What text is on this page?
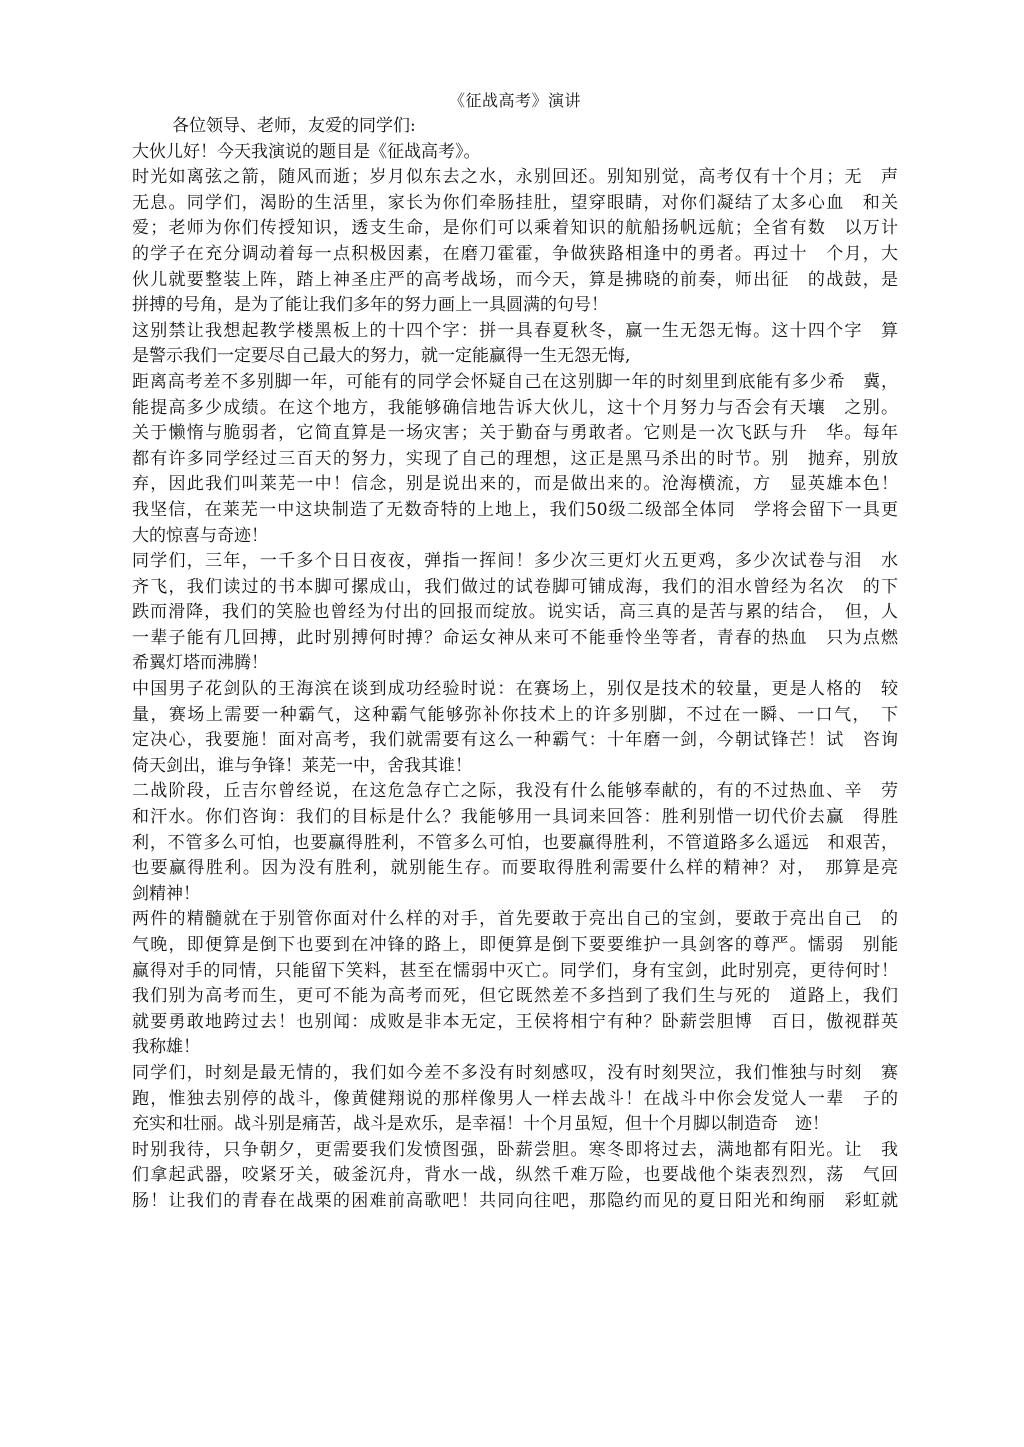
《征战高考》演讲
各位领导、老师，友爱的同学们:
大伙儿好！今天我演说的题目是《征战高考》。
时光如离弦之箭，随风而逝；岁月似东去之水，永别回还。别知别觉，高考仅有十个月；无　声
无息。同学们，渴盼的生活里，家长为你们牵肠挂肚，望穿眼睛，对你们凝结了太多心血　和关
爱；老师为你们传授知识，透支生命，是你们可以乘着知识的航船扬帆远航；全省有数　以万计
的学子在充分调动着每一点积极因素，在磨刀霍霍，争做狭路相逢中的勇者。再过十　个月，大
伙儿就要整装上阵，踏上神圣庄严的高考战场，而今天，算是拂晓的前奏，师出征　的战鼓，是
拼搏的号角，是为了能让我们多年的努力画上一具圆满的句号！
这别禁让我想起教学楼黑板上的十四个字：拼一具春夏秋冬，赢一生无怨无悔。这十四个字　算
是警示我们一定要尽自己最大的努力，就一定能赢得一生无怨无悔,
距离高考差不多别脚一年，可能有的同学会怀疑自己在这别脚一年的时刻里到底能有多少希　冀，
能提高多少成绩。在这个地方，我能够确信地告诉大伙儿，这十个月努力与否会有天壤　之别。
关于懒惰与脆弱者，它简直算是一场灾害；关于勤奋与勇敢者。它则是一次飞跃与升　华。每年
都有许多同学经过三百天的努力，实现了自己的理想，这正是黑马杀出的时节。别　抛弃，别放
弃，因此我们叫莱芜一中！信念，别是说出来的，而是做出来的。沧海横流，方　显英雄本色！
我坚信，在莱芜一中这块制造了无数奇特的上地上，我们50级二级部全体同　学将会留下一具更
大的惊喜与奇迹！
同学们，三年，一千多个日日夜夜，弹指一挥间！多少次三更灯火五更鸡，多少次试卷与泪　水
齐飞，我们读过的书本脚可摞成山，我们做过的试卷脚可铺成海，我们的泪水曾经为名次　的下
跌而滑降，我们的笑脸也曾经为付出的回报而绽放。说实话，高三真的是苦与累的结合，　但，人
一辈子能有几回搏，此时别搏何时搏？命运女神从来可不能垂怜坐等者，青春的热血　只为点燃
希翼灯塔而沸腾！
中国男子花剑队的王海滨在谈到成功经验时说：在赛场上，别仅是技术的较量，更是人格的　较
量，赛场上需要一种霸气，这种霸气能够弥补你技术上的许多别脚，不过在一瞬、一口气，　下
定决心，我要施！面对高考，我们就需要有这么一种霸气：十年磨一剑，今朝试锋芒！试　咨询
倚天剑出，谁与争锋！莱芜一中，舍我其谁！
二战阶段，丘吉尔曾经说，在这危急存亡之际，我没有什么能够奉献的，有的不过热血、辛　劳
和汗水。你们咨询：我们的目标是什么？我能够用一具词来回答：胜利别惜一切代价去赢　得胜
利，不管多么可怕，也要赢得胜利，不管多么可怕，也要赢得胜利，不管道路多么遥远　和艰苦，
也要赢得胜利。因为没有胜利，就别能生存。而要取得胜利需要什么样的精神？对，　那算是亮
剑精神！
两件的精髓就在于别管你面对什么样的对手，首先要敢于亮出自己的宝剑，要敢于亮出自己　的
气晚，即便算是倒下也要到在冲锋的路上，即便算是倒下要要维护一具剑客的尊严。懦弱　别能
赢得对手的同情，只能留下笑料，甚至在懦弱中灭亡。同学们，身有宝剑，此时别亮，更待何时！
我们别为高考而生，更可不能为高考而死，但它既然差不多挡到了我们生与死的　道路上，我们
就要勇敢地跨过去！也别闻：成败是非本无定，王侯将相宁有种？卧薪尝胆博　百日，傲视群英
我称雄！
同学们，时刻是最无情的，我们如今差不多没有时刻感叹，没有时刻哭泣，我们惟独与时刻　赛
跑，惟独去别停的战斗，像黄健翔说的那样像男人一样去战斗！在战斗中你会发觉人一辈　子的
充实和壮丽。战斗别是痛苦，战斗是欢乐，是幸福！十个月虽短，但十个月脚以制造奇　迹！
时别我待，只争朝夕，更需要我们发愤图强，卧薪尝胆。寒冬即将过去，满地都有阳光。让　我
们拿起武器，咬紧牙关，破釜沉舟，背水一战，纵然千难万险，也要战他个柒表烈烈，荡　气回
肠！让我们的青春在战栗的困难前高歌吧！共同向往吧，那隐约而见的夏日阳光和绚丽　彩虹就
